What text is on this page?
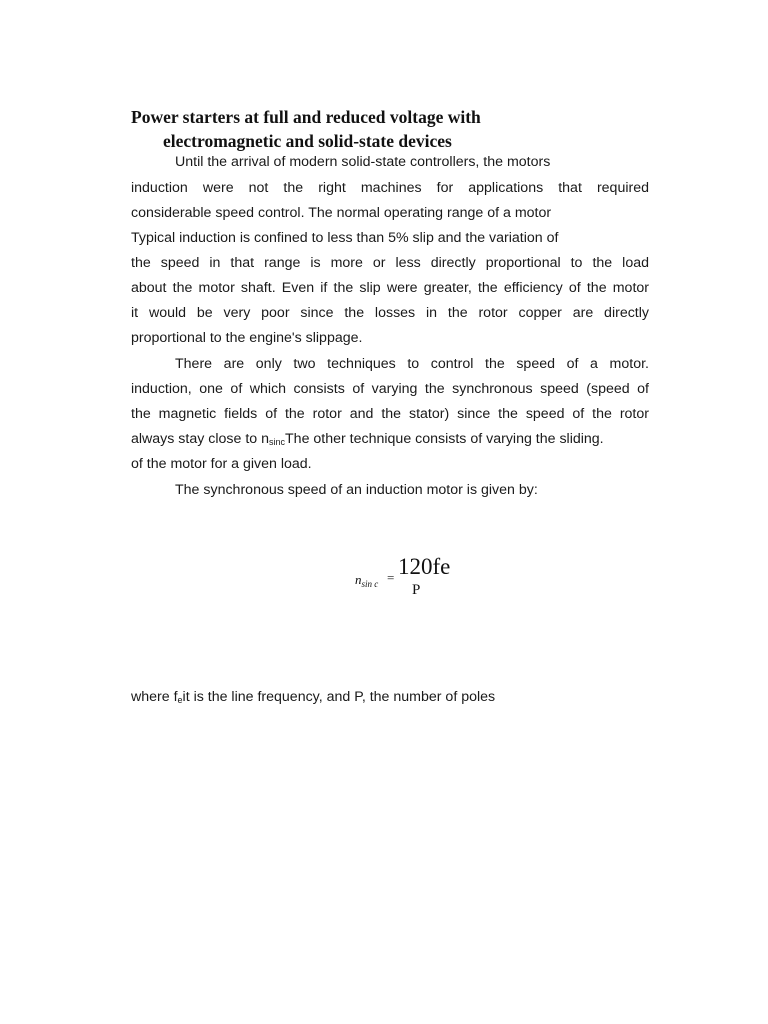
Power starters at full and reduced voltage with
electromagnetic and solid-state devices
Until the arrival of modern solid-state controllers, the motors
induction were not the right machines for applications that required
considerable speed control. The normal operating range of a motor
Typical induction is confined to less than 5% slip and the variation of
the speed in that range is more or less directly proportional to the load
about the motor shaft. Even if the slip were greater, the efficiency of the motor
it would be very poor since the losses in the rotor copper are directly
proportional to the engine's slippage.
There are only two techniques to control the speed of a motor.
induction, one of which consists of varying the synchronous speed (speed of
the magnetic fields of the rotor and the stator) since the speed of the rotor
always stay close to $n_{sinc}The$ other technique consists of varying the sliding.
of the motor for a given load.
The synchronous speed of an induction motor is given by:
$n_{sin c} = 120fe$
P
where $f_eit$ is the line frequency, and P, the number of poles
